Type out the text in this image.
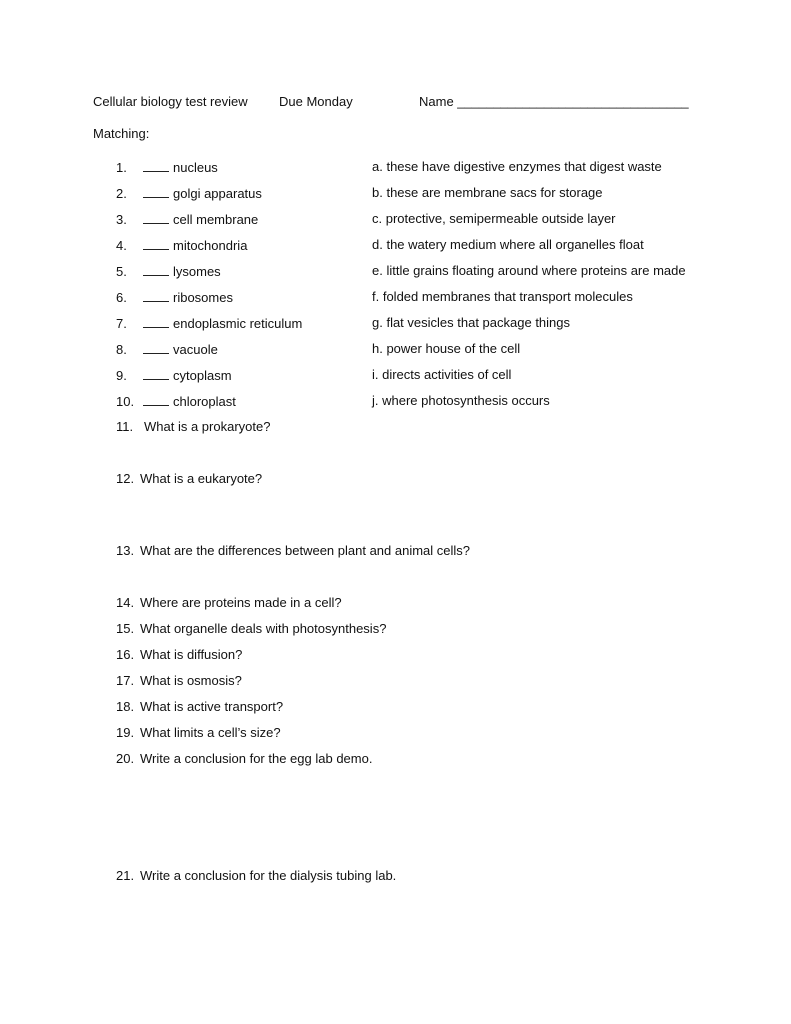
Cellular biology test review Due Monday	Name ________________________________
Matching:
1.	nucleus
2.	golgi apparatus
3.	cell membrane
4.	mitochondria
5.	lysomes
6.	ribosomes
7.	endoplasmic reticulum
8.	vacuole
9.	cytoplasm
10.	chloroplast
a. these have digestive enzymes that digest waste
b. these are membrane sacs for storage
c. protective, semipermeable outside layer
d. the watery medium where all organelles float
e. little grains floating around where proteins are made
f. folded membranes that transport molecules
g. flat vesicles that package things
h. power house of the cell
i. directs activities of cell
j. where photosynthesis occurs
11. What is a prokaryote?
12. What is a eukaryote?
13. What are the differences between plant and animal cells?
14. Where are proteins made in a cell?
15. What organelle deals with photosynthesis?
16. What is diffusion?
17. What is osmosis?
18. What is active transport?
19. What limits a cell’s size?
20. Write a conclusion for the egg lab demo.
21. Write a conclusion for the dialysis tubing lab.
